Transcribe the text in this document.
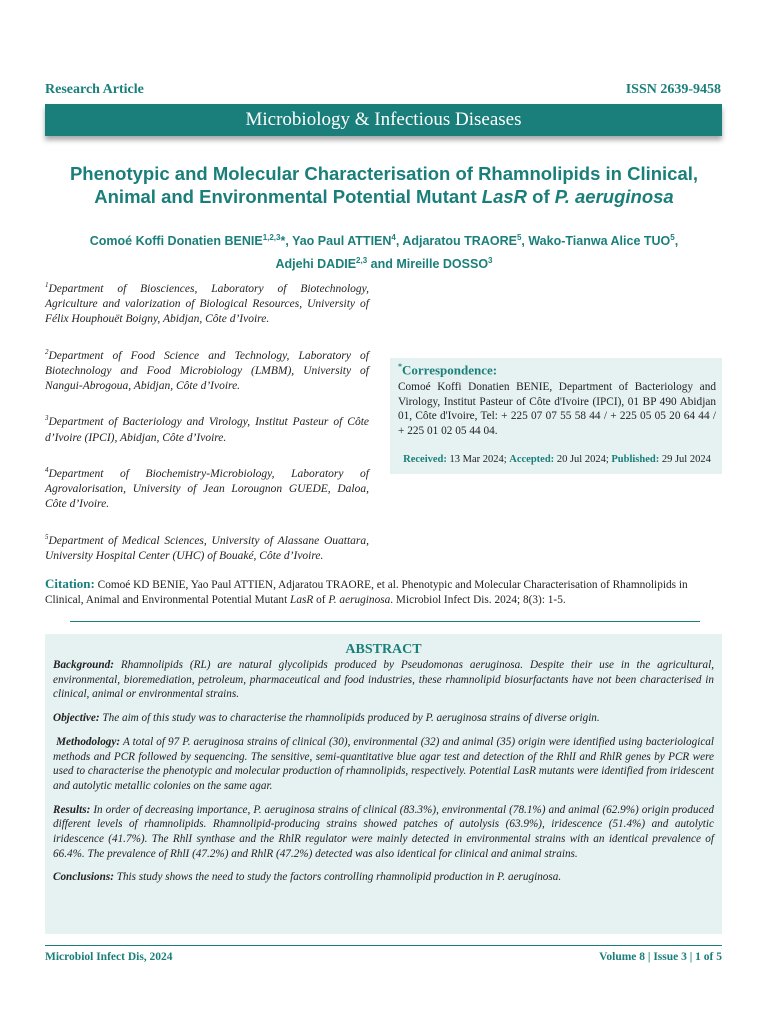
Research Article	ISSN 2639-9458
Microbiology & Infectious Diseases
Phenotypic and Molecular Characterisation of Rhamnolipids in Clinical, Animal and Environmental Potential Mutant LasR of P. aeruginosa
Comoé Koffi Donatien BENIE$^{1,2,3}$*, Yao Paul ATTIEN$^4$, Adjaratou TRAORE$^5$, Wako-Tianwa Alice TUO$^5$,
Adjehi DADIE$^{2,3}$ and Mireille DOSSO$^3$
$^1$Department of Biosciences, Laboratory of Biotechnology, Agriculture and valorization of Biological Resources, University of Félix Houphouët Boigny, Abidjan, Côte d’Ivoire.
$^2$Department of Food Science and Technology, Laboratory of Biotechnology and Food Microbiology (LMBM), University of Nangui-Abrogoua, Abidjan, Côte d’Ivoire.
$^3$Department of Bacteriology and Virology, Institut Pasteur of Côte d’Ivoire (IPCI), Abidjan, Côte d’Ivoire.
$^4$Department of Biochemistry-Microbiology, Laboratory of Agrovalorisation, University of Jean Lorougnon GUEDE, Daloa, Côte d’Ivoire.
$^5$Department of Medical Sciences, University of Alassane Ouattara, University Hospital Center (UHC) of Bouaké, Côte d’Ivoire.
*Correspondence:
Comoé Koffi Donatien BENIE, Department of Bacteriology and Virology, Institut Pasteur of Côte d'Ivoire (IPCI), 01 BP 490 Abidjan 01, Côte d'Ivoire, Tel: + 225 07 07 55 58 44 / + 225 05 05 20 64 44 / + 225 01 02 05 44 04.
Received: 13 Mar 2024; Accepted: 20 Jul 2024; Published: 29 Jul 2024
Citation: Comoé KD BENIE, Yao Paul ATTIEN, Adjaratou TRAORE, et al. Phenotypic and Molecular Characterisation of Rhamnolipids in Clinical, Animal and Environmental Potential Mutant LasR of P. aeruginosa. Microbiol Infect Dis. 2024; 8(3): 1-5.
ABSTRACT

Background: Rhamnolipids (RL) are natural glycolipids produced by Pseudomonas aeruginosa. Despite their use in the agricultural, environmental, bioremediation, petroleum, pharmaceutical and food industries, these rhamnolipid biosurfactants have not been characterised in clinical, animal or environmental strains.

Objective: The aim of this study was to characterise the rhamnolipids produced by P. aeruginosa strains of diverse origin.

Methodology: A total of 97 P. aeruginosa strains of clinical (30), environmental (32) and animal (35) origin were identified using bacteriological methods and PCR followed by sequencing. The sensitive, semi-quantitative blue agar test and detection of the RhlI and RhlR genes by PCR were used to characterise the phenotypic and molecular production of rhamnolipids, respectively. Potential LasR mutants were identified from iridescent and autolytic metallic colonies on the same agar.

Results: In order of decreasing importance, P. aeruginosa strains of clinical (83.3%), environmental (78.1%) and animal (62.9%) origin produced different levels of rhamnolipids. Rhamnolipid-producing strains showed patches of autolysis (63.9%), iridescence (51.4%) and autolytic iridescence (41.7%). The RhlI synthase and the RhlR regulator were mainly detected in environmental strains with an identical prevalence of 66.4%. The prevalence of RhlI (47.2%) and RhlR (47.2%) detected was also identical for clinical and animal strains.

Conclusions: This study shows the need to study the factors controlling rhamnolipid production in P. aeruginosa.

Microbiol Infect Dis, 2024	Volume 8 | Issue 3 | 1 of 5
